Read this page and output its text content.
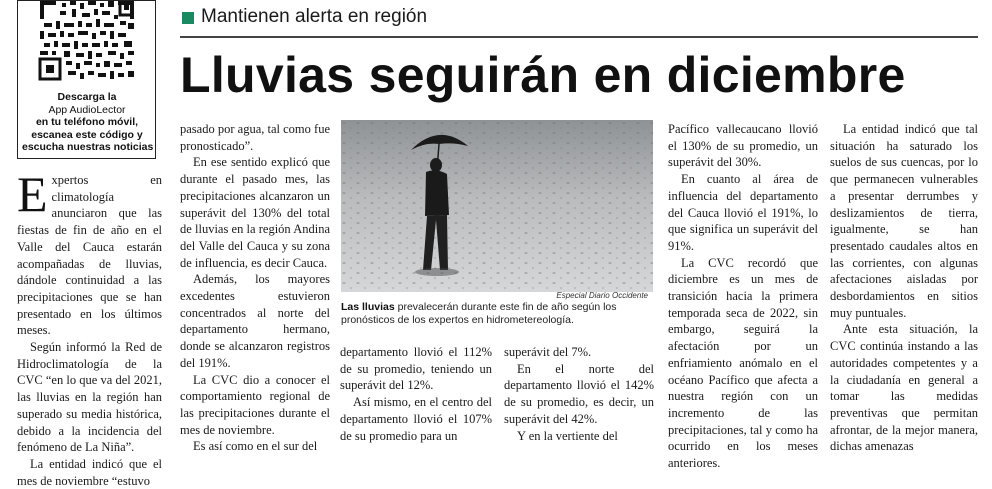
Descarga la
App AudioLector
en tu teléfono móvil,
escanea este código y
escucha nuestras noticias
Mantienen alerta en región
Lluvias seguirán en diciembre

Expertos en climatología anunciaron que las fiestas de fin de año en el Valle del Cauca estarán acompañadas de lluvias, dándole continuidad a las precipitaciones que se han presentado en los últimos meses.

Según informó la Red de Hidroclimatología de la CVC “en lo que va del 2021, las lluvias en la región han superado su media histórica, debido a la incidencia del fenómeno de La Niña”.

La entidad indicó que el mes de noviembre “estuvo

pasado por agua, tal como fue pronosticado”.

En ese sentido explicó que durante el pasado mes, las precipitaciones alcanzaron un superávit del 130% del total de lluvias en la región Andina del Valle del Cauca y su zona de influencia, es decir Cauca.

Además, los mayores excedentes estuvieron concentrados al norte del departamento hermano, donde se alcanzaron registros del 191%.

La CVC dio a conocer el comportamiento regional de las precipitaciones durante el mes de noviembre.

Es así como en el sur del

Especial Diario Occidente
Las lluvias prevalecerán durante este fin de año según los pronósticos de los expertos en hidrometereología.

departamento llovió el 112% de su promedio, teniendo un superávit del 12%.

Así mismo, en el centro del departamento llovió el 107% de su promedio para un

superávit del 7%.

En el norte del departamento llovió el 142% de su promedio, es decir, un superávit del 42%.

Y en la vertiente del

Pacífico vallecaucano llovió el 130% de su promedio, un superávit del 30%.

En cuanto al área de influencia del departamento del Cauca llovió el 191%, lo que significa un superávit del 91%.

La CVC recordó que diciembre es un mes de transición hacia la primera temporada seca de 2022, sin embargo, seguirá la afectación por un enfriamiento anómalo en el océano Pacífico que afecta a nuestra región con un incremento de las precipitaciones, tal y como ha ocurrido en los meses anteriores.

La entidad indicó que tal situación ha saturado los suelos de sus cuencas, por lo que permanecen vulnerables a presentar derrumbes y deslizamientos de tierra, igualmente, se han presentado caudales altos en las corrientes, con algunas afectaciones aisladas por desbordamientos en sitios muy puntuales.

Ante esta situación, la CVC continúa instando a las autoridades competentes y a la ciudadanía en general a tomar las medidas preventivas que permitan afrontar, de la mejor manera, dichas amenazas
